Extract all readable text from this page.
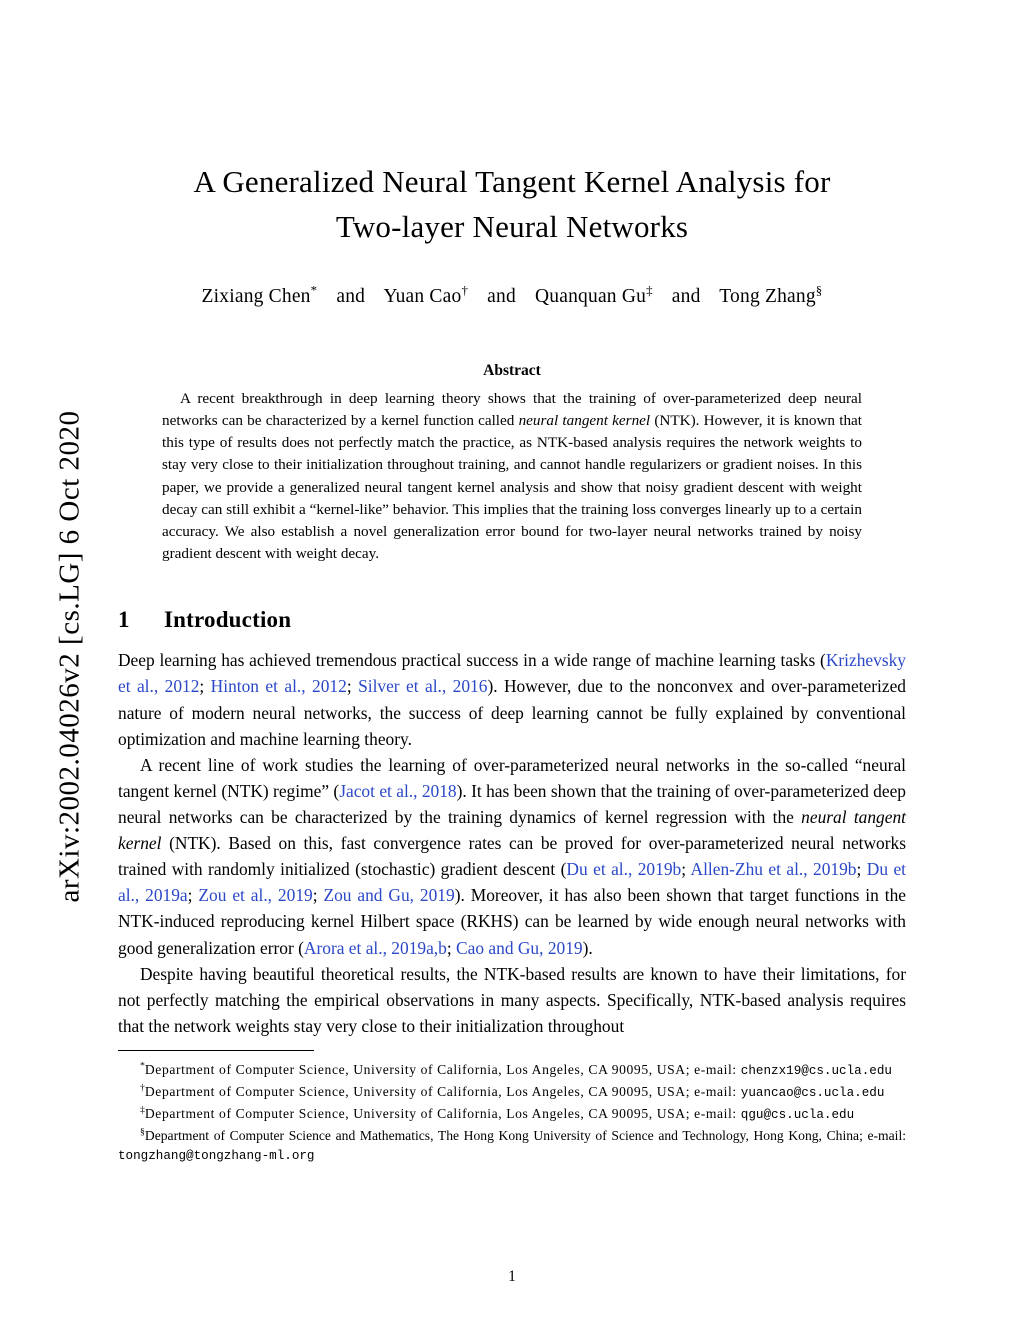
arXiv:2002.04026v2 [cs.LG] 6 Oct 2020
A Generalized Neural Tangent Kernel Analysis for
Two-layer Neural Networks
Zixiang Chen* and Yuan Cao† and Quanquan Gu‡ and Tong Zhang§
Abstract
A recent breakthrough in deep learning theory shows that the training of over-parameterized deep neural networks can be characterized by a kernel function called neural tangent kernel (NTK). However, it is known that this type of results does not perfectly match the practice, as NTK-based analysis requires the network weights to stay very close to their initialization throughout training, and cannot handle regularizers or gradient noises. In this paper, we provide a generalized neural tangent kernel analysis and show that noisy gradient descent with weight decay can still exhibit a “kernel-like” behavior. This implies that the training loss converges linearly up to a certain accuracy. We also establish a novel generalization error bound for two-layer neural networks trained by noisy gradient descent with weight decay.
1 Introduction

Deep learning has achieved tremendous practical success in a wide range of machine learning tasks (Krizhevsky et al., 2012; Hinton et al., 2012; Silver et al., 2016). However, due to the nonconvex and over-parameterized nature of modern neural networks, the success of deep learning cannot be fully explained by conventional optimization and machine learning theory.

A recent line of work studies the learning of over-parameterized neural networks in the so-called “neural tangent kernel (NTK) regime” (Jacot et al., 2018). It has been shown that the training of over-parameterized deep neural networks can be characterized by the training dynamics of kernel regression with the neural tangent kernel (NTK). Based on this, fast convergence rates can be proved for over-parameterized neural networks trained with randomly initialized (stochastic) gradient descent (Du et al., 2019b; Allen-Zhu et al., 2019b; Du et al., 2019a; Zou et al., 2019; Zou and Gu, 2019). Moreover, it has also been shown that target functions in the NTK-induced reproducing kernel Hilbert space (RKHS) can be learned by wide enough neural networks with good generalization error (Arora et al., 2019a,b; Cao and Gu, 2019).

Despite having beautiful theoretical results, the NTK-based results are known to have their limitations, for not perfectly matching the empirical observations in many aspects. Specifically, NTK-based analysis requires that the network weights stay very close to their initialization throughout

*Department of Computer Science, University of California, Los Angeles, CA 90095, USA; e-mail: chenzx19@cs.ucla.edu

†Department of Computer Science, University of California, Los Angeles, CA 90095, USA; e-mail: yuancao@cs.ucla.edu

‡Department of Computer Science, University of California, Los Angeles, CA 90095, USA; e-mail: qgu@cs.ucla.edu

§Department of Computer Science and Mathematics, The Hong Kong University of Science and Technology, Hong Kong, China; e-mail: tongzhang@tongzhang-ml.org

1
